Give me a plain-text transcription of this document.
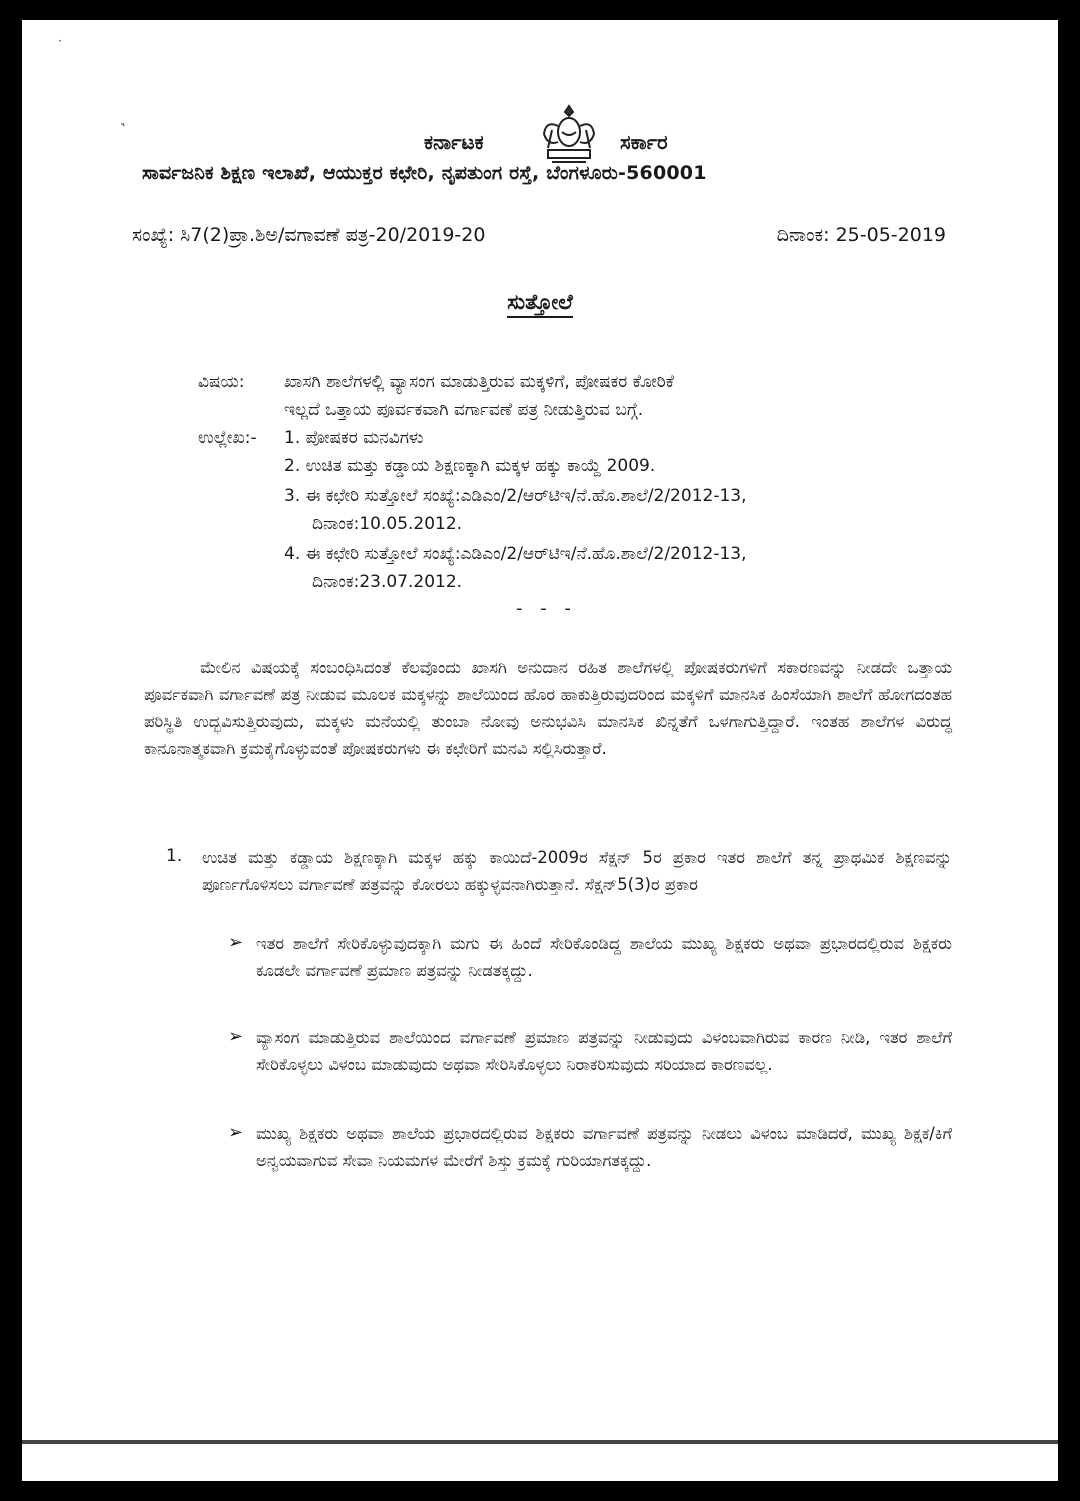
·
˺
ಕರ್ನಾಟಕ	ಸರ್ಕಾರ
ಸಾರ್ವಜನಿಕ ಶಿಕ್ಷಣ ಇಲಾಖೆ, ಆಯುಕ್ತರ ಕಛೇರಿ, ನೃಪತುಂಗ ರಸ್ತೆ, ಬೆಂಗಳೂರು-560001
ಸಂಖ್ಯೆ: ಸಿ7(2)ಪ್ರಾ.ಶಿಅ/ವಗಾವಣೆ ಪತ್ರ-20/2019-20	ದಿನಾಂಕ: 25-05-2019
ಸುತ್ತೋಲೆ
ವಿಷಯ: ಖಾಸಗಿ ಶಾಲೆಗಳಲ್ಲಿ ವ್ಯಾಸಂಗ ಮಾಡುತ್ತಿರುವ ಮಕ್ಕಳಿಗೆ, ಪೋಷಕರ ಕೋರಿಕೆ
ಇಲ್ಲದೆ ಒತ್ತಾಯ ಪೂರ್ವಕವಾಗಿ ವರ್ಗಾವಣೆ ಪತ್ರ ನೀಡುತ್ತಿರುವ ಬಗ್ಗೆ.
ಉಲ್ಲೇಖ:- 1. ಪೋಷಕರ ಮನವಿಗಳು
2. ಉಚಿತ ಮತ್ತು ಕಡ್ಡಾಯ ಶಿಕ್ಷಣಕ್ಕಾಗಿ ಮಕ್ಕಳ ಹಕ್ಕು ಕಾಯ್ದೆ 2009.
3. ಈ ಕಛೇರಿ ಸುತ್ತೋಲೆ ಸಂಖ್ಯೆ:ಎಡಿಎಂ/2/ಆರ್‌ಟಿಇ/ನೆ.ಹೊ.ಶಾಲೆ/2/2012-13,
ದಿನಾಂಕ:10.05.2012.
4. ಈ ಕಛೇರಿ ಸುತ್ತೋಲೆ ಸಂಖ್ಯೆ:ಎಡಿಎಂ/2/ಆರ್‌ಟಿಇ/ನೆ.ಹೊ.ಶಾಲೆ/2/2012-13,
ದಿನಾಂಕ:23.07.2012.
- - -
ಮೇಲಿನ ವಿಷಯಕ್ಕೆ ಸಂಬಂಧಿಸಿದಂತೆ ಕೆಲವೊಂದು ಖಾಸಗಿ ಅನುದಾನ ರಹಿತ ಶಾಲೆಗಳಲ್ಲಿ ಪೋಷಕರುಗಳಿಗೆ ಸಕಾರಣವನ್ನು ನೀಡದೇ ಒತ್ತಾಯ ಪೂರ್ವಕವಾಗಿ ವರ್ಗಾವಣೆ ಪತ್ರ ನೀಡುವ ಮೂಲಕ ಮಕ್ಕಳನ್ನು ಶಾಲೆಯಿಂದ ಹೊರ ಹಾಕುತ್ತಿರುವುದರಿಂದ ಮಕ್ಕಳಿಗೆ ಮಾನಸಿಕ ಹಿಂಸೆಯಾಗಿ ಶಾಲೆಗೆ ಹೋಗದಂತಹ ಪರಿಸ್ಥಿತಿ ಉದ್ಭವಿಸುತ್ತಿರುವುದು, ಮಕ್ಕಳು ಮನೆಯಲ್ಲಿ ತುಂಬಾ ನೋವು ಅನುಭವಿಸಿ ಮಾನಸಿಕ ಖಿನ್ನತೆಗೆ ಒಳಗಾಗುತ್ತಿದ್ದಾರೆ. ಇಂತಹ ಶಾಲೆಗಳ ವಿರುದ್ಧ ಕಾನೂನಾತ್ಮಕವಾಗಿ ಕ್ರಮಕೈಗೊಳ್ಳುವಂತೆ ಪೋಷಕರುಗಳು ಈ ಕಛೇರಿಗೆ ಮನವಿ ಸಲ್ಲಿಸಿರುತ್ತಾರೆ.
1. ಉಚಿತ ಮತ್ತು ಕಡ್ಡಾಯ ಶಿಕ್ಷಣಕ್ಕಾಗಿ ಮಕ್ಕಳ ಹಕ್ಕು ಕಾಯಿದೆ-2009ರ ಸೆಕ್ಷನ್ 5ರ ಪ್ರಕಾರ ಇತರ ಶಾಲೆಗೆ ತನ್ನ ಪ್ರಾಥಮಿಕ ಶಿಕ್ಷಣವನ್ನು ಪೂರ್ಣಗೊಳಿಸಲು ವರ್ಗಾವಣೆ ಪತ್ರವನ್ನು ಕೋರಲು ಹಕ್ಕುಳ್ಳವನಾಗಿರುತ್ತಾನೆ. ಸೆಕ್ಷನ್5(3)ರ ಪ್ರಕಾರ
➢ ಇತರ ಶಾಲೆಗೆ ಸೇರಿಕೊಳ್ಳುವುದಕ್ಕಾಗಿ ಮಗು ಈ ಹಿಂದೆ ಸೇರಿಕೊಂಡಿದ್ದ ಶಾಲೆಯ ಮುಖ್ಯ ಶಿಕ್ಷಕರು ಅಥವಾ ಪ್ರಭಾರದಲ್ಲಿರುವ ಶಿಕ್ಷಕರು ಕೂಡಲೇ ವರ್ಗಾವಣೆ ಪ್ರಮಾಣ ಪತ್ರವನ್ನು ನೀಡತಕ್ಕದ್ದು.
➢ ವ್ಯಾಸಂಗ ಮಾಡುತ್ತಿರುವ ಶಾಲೆಯಿಂದ ವರ್ಗಾವಣೆ ಪ್ರಮಾಣ ಪತ್ರವನ್ನು ನೀಡುವುದು ವಿಳಂಬವಾಗಿರುವ ಕಾರಣ ನೀಡಿ, ಇತರ ಶಾಲೆಗೆ ಸೇರಿಕೊಳ್ಳಲು ವಿಳಂಬ ಮಾಡುವುದು ಅಥವಾ ಸೇರಿಸಿಕೊಳ್ಳಲು ನಿರಾಕರಿಸುವುದು ಸರಿಯಾದ ಕಾರಣವಲ್ಲ.
➢ ಮುಖ್ಯ ಶಿಕ್ಷಕರು ಅಥವಾ ಶಾಲೆಯ ಪ್ರಭಾರದಲ್ಲಿರುವ ಶಿಕ್ಷಕರು ವರ್ಗಾವಣೆ ಪತ್ರವನ್ನು ನೀಡಲು ವಿಳಂಬ ಮಾಡಿದರೆ, ಮುಖ್ಯ ಶಿಕ್ಷಕ/ಕಿಗೆ ಅನ್ವಯವಾಗುವ ಸೇವಾ ನಿಯಮಗಳ ಮೇರೆಗೆ ಶಿಸ್ತು ಕ್ರಮಕ್ಕೆ ಗುರಿಯಾಗತಕ್ಕದ್ದು.
